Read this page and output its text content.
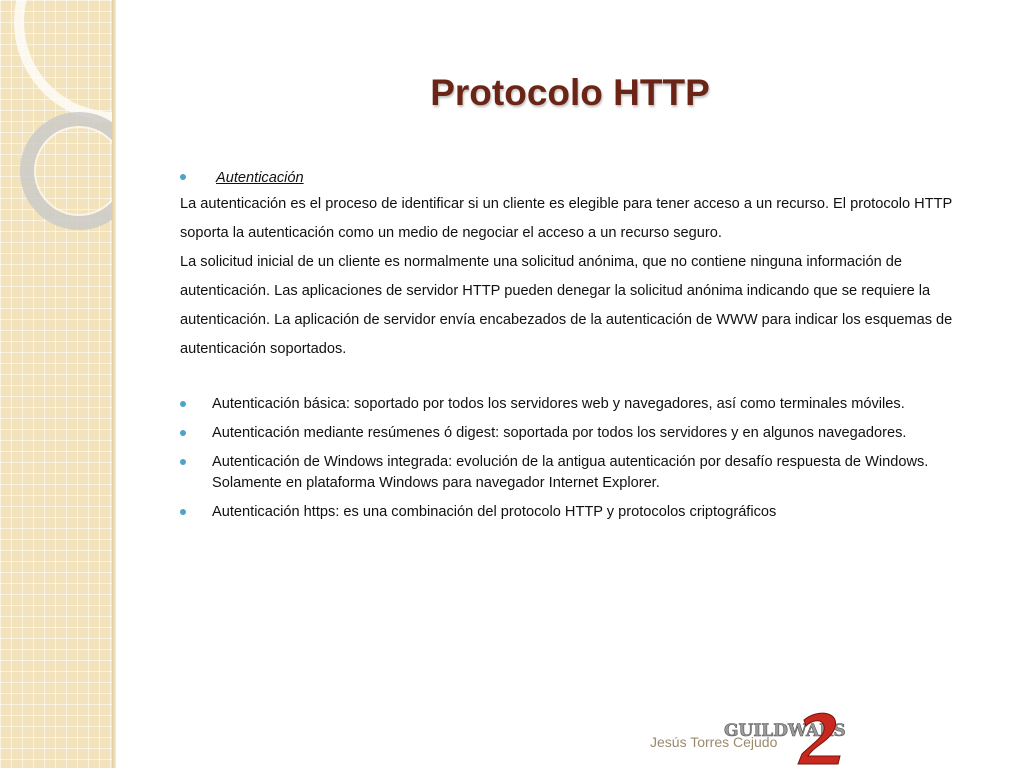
Protocolo HTTP
Autenticación

La autenticación es el proceso de identificar si un cliente es elegible para tener acceso a un recurso. El protocolo HTTP soporta la autenticación como un medio de negociar el acceso a un recurso seguro.

La solicitud inicial de un cliente es normalmente una solicitud anónima, que no contiene ninguna información de autenticación. Las aplicaciones de servidor HTTP pueden denegar la solicitud anónima indicando que se requiere la autenticación. La aplicación de servidor envía encabezados de la autenticación de WWW para indicar los esquemas de autenticación soportados.

Autenticación básica: soportado por todos los servidores web y navegadores, así como terminales móviles.
Autenticación mediante resúmenes ó digest: soportada por todos los servidores y en algunos navegadores.
Autenticación de Windows integrada: evolución de la antigua autenticación por desafío respuesta de Windows. Solamente en plataforma Windows para navegador Internet Explorer.
Autenticación https: es una combinación del protocolo HTTP y protocolos criptográficos
Jesús Torres Cejudo
GUILDWARS
2
